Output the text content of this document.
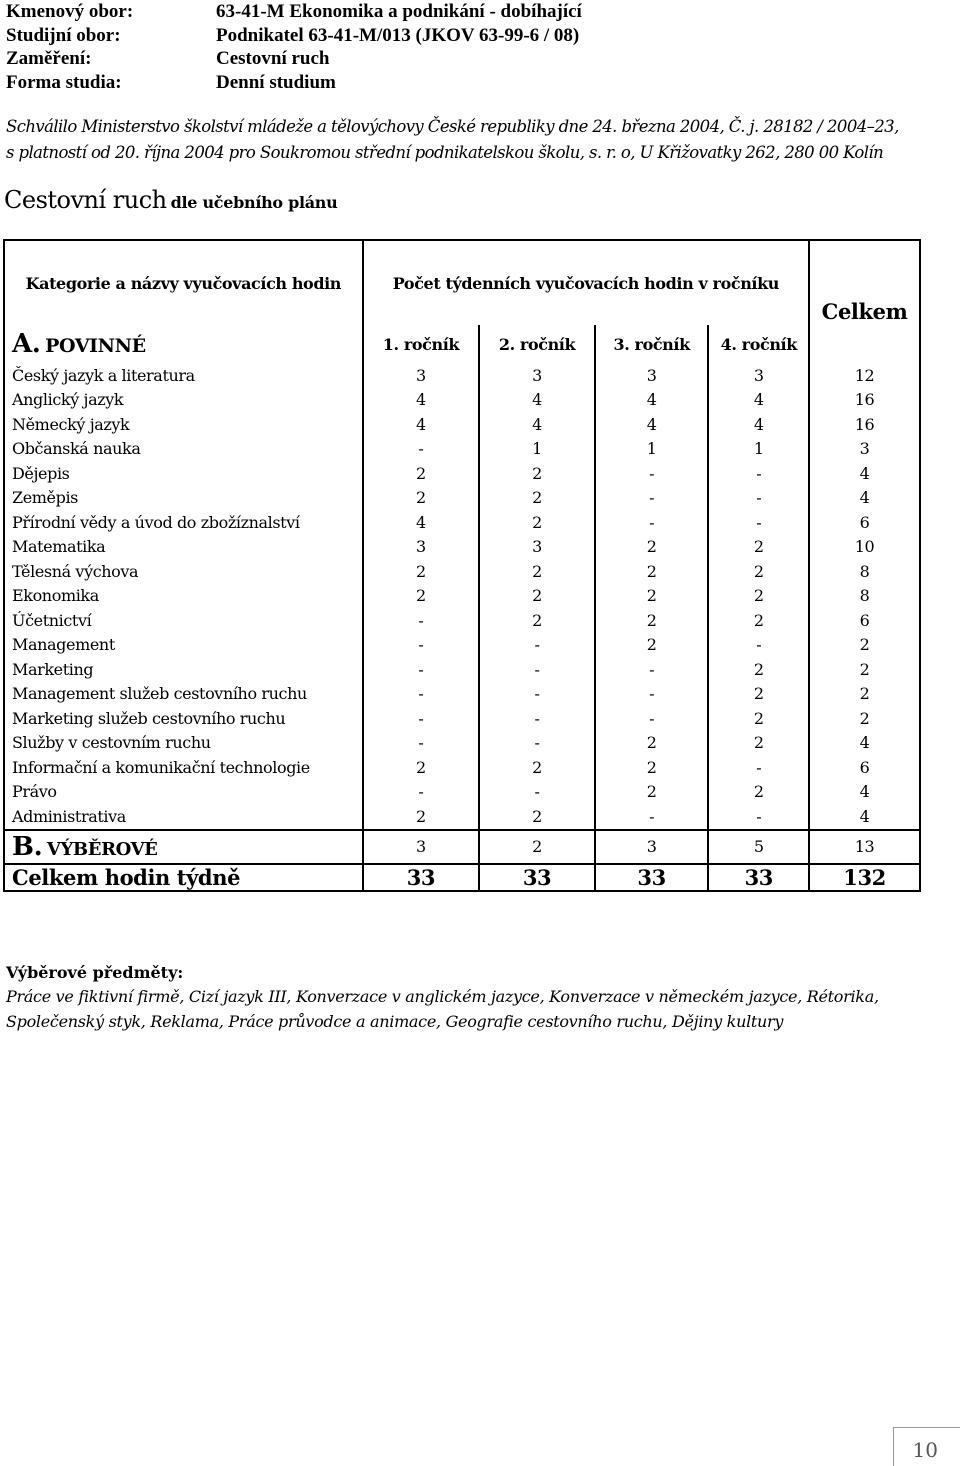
Kmenový obor:	63-41-M Ekonomika a podnikání - dobíhající
Studijní obor:	Podnikatel 63-41-M/013 (JKOV 63-99-6 / 08)
Zaměření:	Cestovní ruch
Forma studia:	Denní studium
Schválilo Ministerstvo školství mládeže a tělovýchovy České republiky dne 24. března 2004, Č. j. 28182 / 2004–23,
s platností od 20. října 2004 pro Soukromou střední podnikatelskou školu, s. r. o, U Křižovatky 262, 280 00 Kolín
Cestovní ruch dle učebního plánu
Kategorie a názvy vyučovacích hodin	Počet týdenních vyučovacích hodin v ročníku				Celkem
A. POVINNÉ	1. ročník	2. ročník	3. ročník	4. ročník	
Český jazyk a literatura	3	3	3	3	12
Anglický jazyk	4	4	4	4	16
Německý jazyk	4	4	4	4	16
Občanská nauka	-	1	1	1	3
Dějepis	2	2	-	-	4
Zeměpis	2	2	-	-	4
Přírodní vědy a úvod do zbožíznalství	4	2	-	-	6
Matematika	3	3	2	2	10
Tělesná výchova	2	2	2	2	8
Ekonomika	2	2	2	2	8
Účetnictví	-	2	2	2	6
Management	-	-	2	-	2
Marketing	-	-	-	2	2
Management služeb cestovního ruchu	-	-	-	2	2
Marketing služeb cestovního ruchu	-	-	-	2	2
Služby v cestovním ruchu	-	-	2	2	4
Informační a komunikační technologie	2	2	2	-	6
Právo	-	-	2	2	4
Administrativa	2	2	-	-	4
B. VÝBĚROVÉ	3	2	3	5	13
Celkem hodin týdně	33	33	33	33	132
Výběrové předměty:
Práce ve fiktivní firmě, Cizí jazyk III, Konverzace v anglickém jazyce, Konverzace v německém jazyce, Rétorika,
Společenský styk, Reklama, Práce průvodce a animace, Geografie cestovního ruchu, Dějiny kultury
10
